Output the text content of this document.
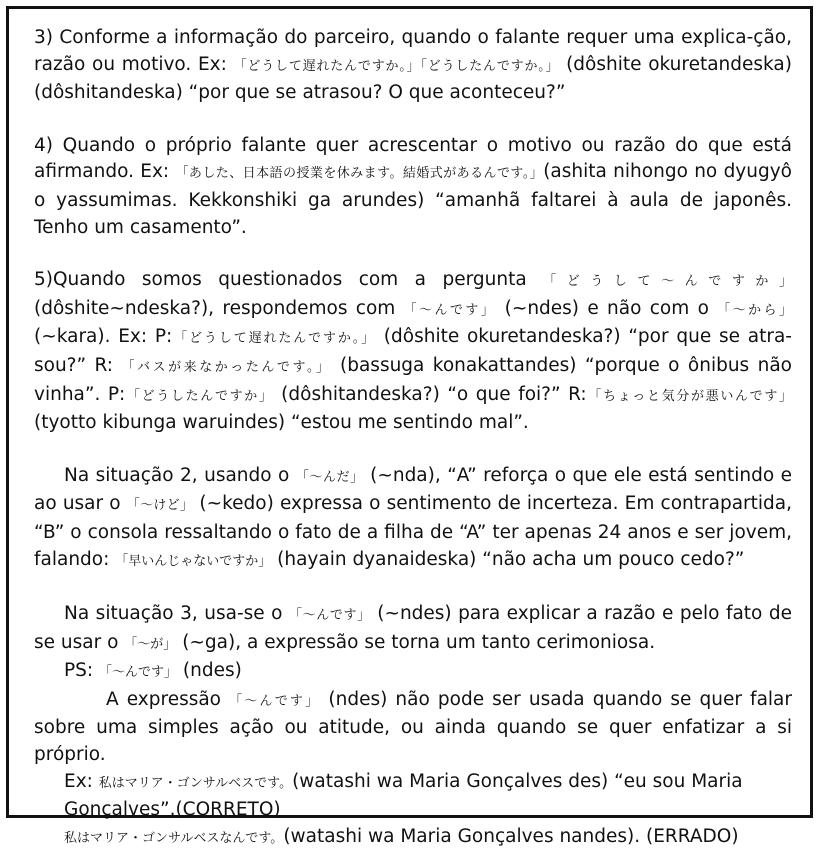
3) Conforme a informação do parceiro, quando o falante requer uma explica-ção, razão ou motivo. Ex: 「どうして遅れたんですか。」「どうしたんですか。」 (dôshite okuretandeska) (dôshitandeska) “por que se atrasou? O que aconteceu?”

4) Quando o próprio falante quer acrescentar o motivo ou razão do que está afirmando. Ex: 「あした、日本語の授業を休みます。結婚式があるんです。」(ashita nihongo no dyugyô o yassumimas. Kekkonshiki ga arundes) “amanhã faltarei à aula de japonês. Tenho um casamento”.

5)Quando somos questionados com a pergunta 「どうして〜んですか」 (dôshite~ndeska?), respondemos com 「〜んです」 (~ndes) e não com o 「〜から」 (~kara). Ex: P:「どうして遅れたんですか。」 (dôshite okuretandeska?) “por que se atra-sou?” R: 「バスが来なかったんです。」 (bassuga konakattandes) “porque o ônibus não vinha”. P:「どうしたんですか」 (dôshitandeska?) “o que foi?” R:「ちょっと気分が悪いんです」 (tyotto kibunga waruindes) “estou me sentindo mal”.

Na situação 2, usando o 「〜んだ」 (~nda), “A” reforça o que ele está sentindo e ao usar o 「〜けど」 (~kedo) expressa o sentimento de incerteza. Em contrapartida, “B” o consola ressaltando o fato de a filha de “A” ter apenas 24 anos e ser jovem, falando: 「早いんじゃないですか」 (hayain dyanaideska) “não acha um pouco cedo?”

Na situação 3, usa-se o 「〜んです」 (~ndes) para explicar a razão e pelo fato de se usar o 「〜が」 (~ga), a expressão se torna um tanto cerimoniosa.

PS: 「〜んです」 (ndes)

A expressão 「〜んです」 (ndes) não pode ser usada quando se quer falar sobre uma simples ação ou atitude, ou ainda quando se quer enfatizar a si próprio.

Ex: 私はマリア・ゴンサルベスです。(watashi wa Maria Gonçalves des) “eu sou Maria Gonçalves”.(CORRETO)

私はマリア・ゴンサルベスなんです。(watashi wa Maria Gonçalves nandes). (ERRADO)
